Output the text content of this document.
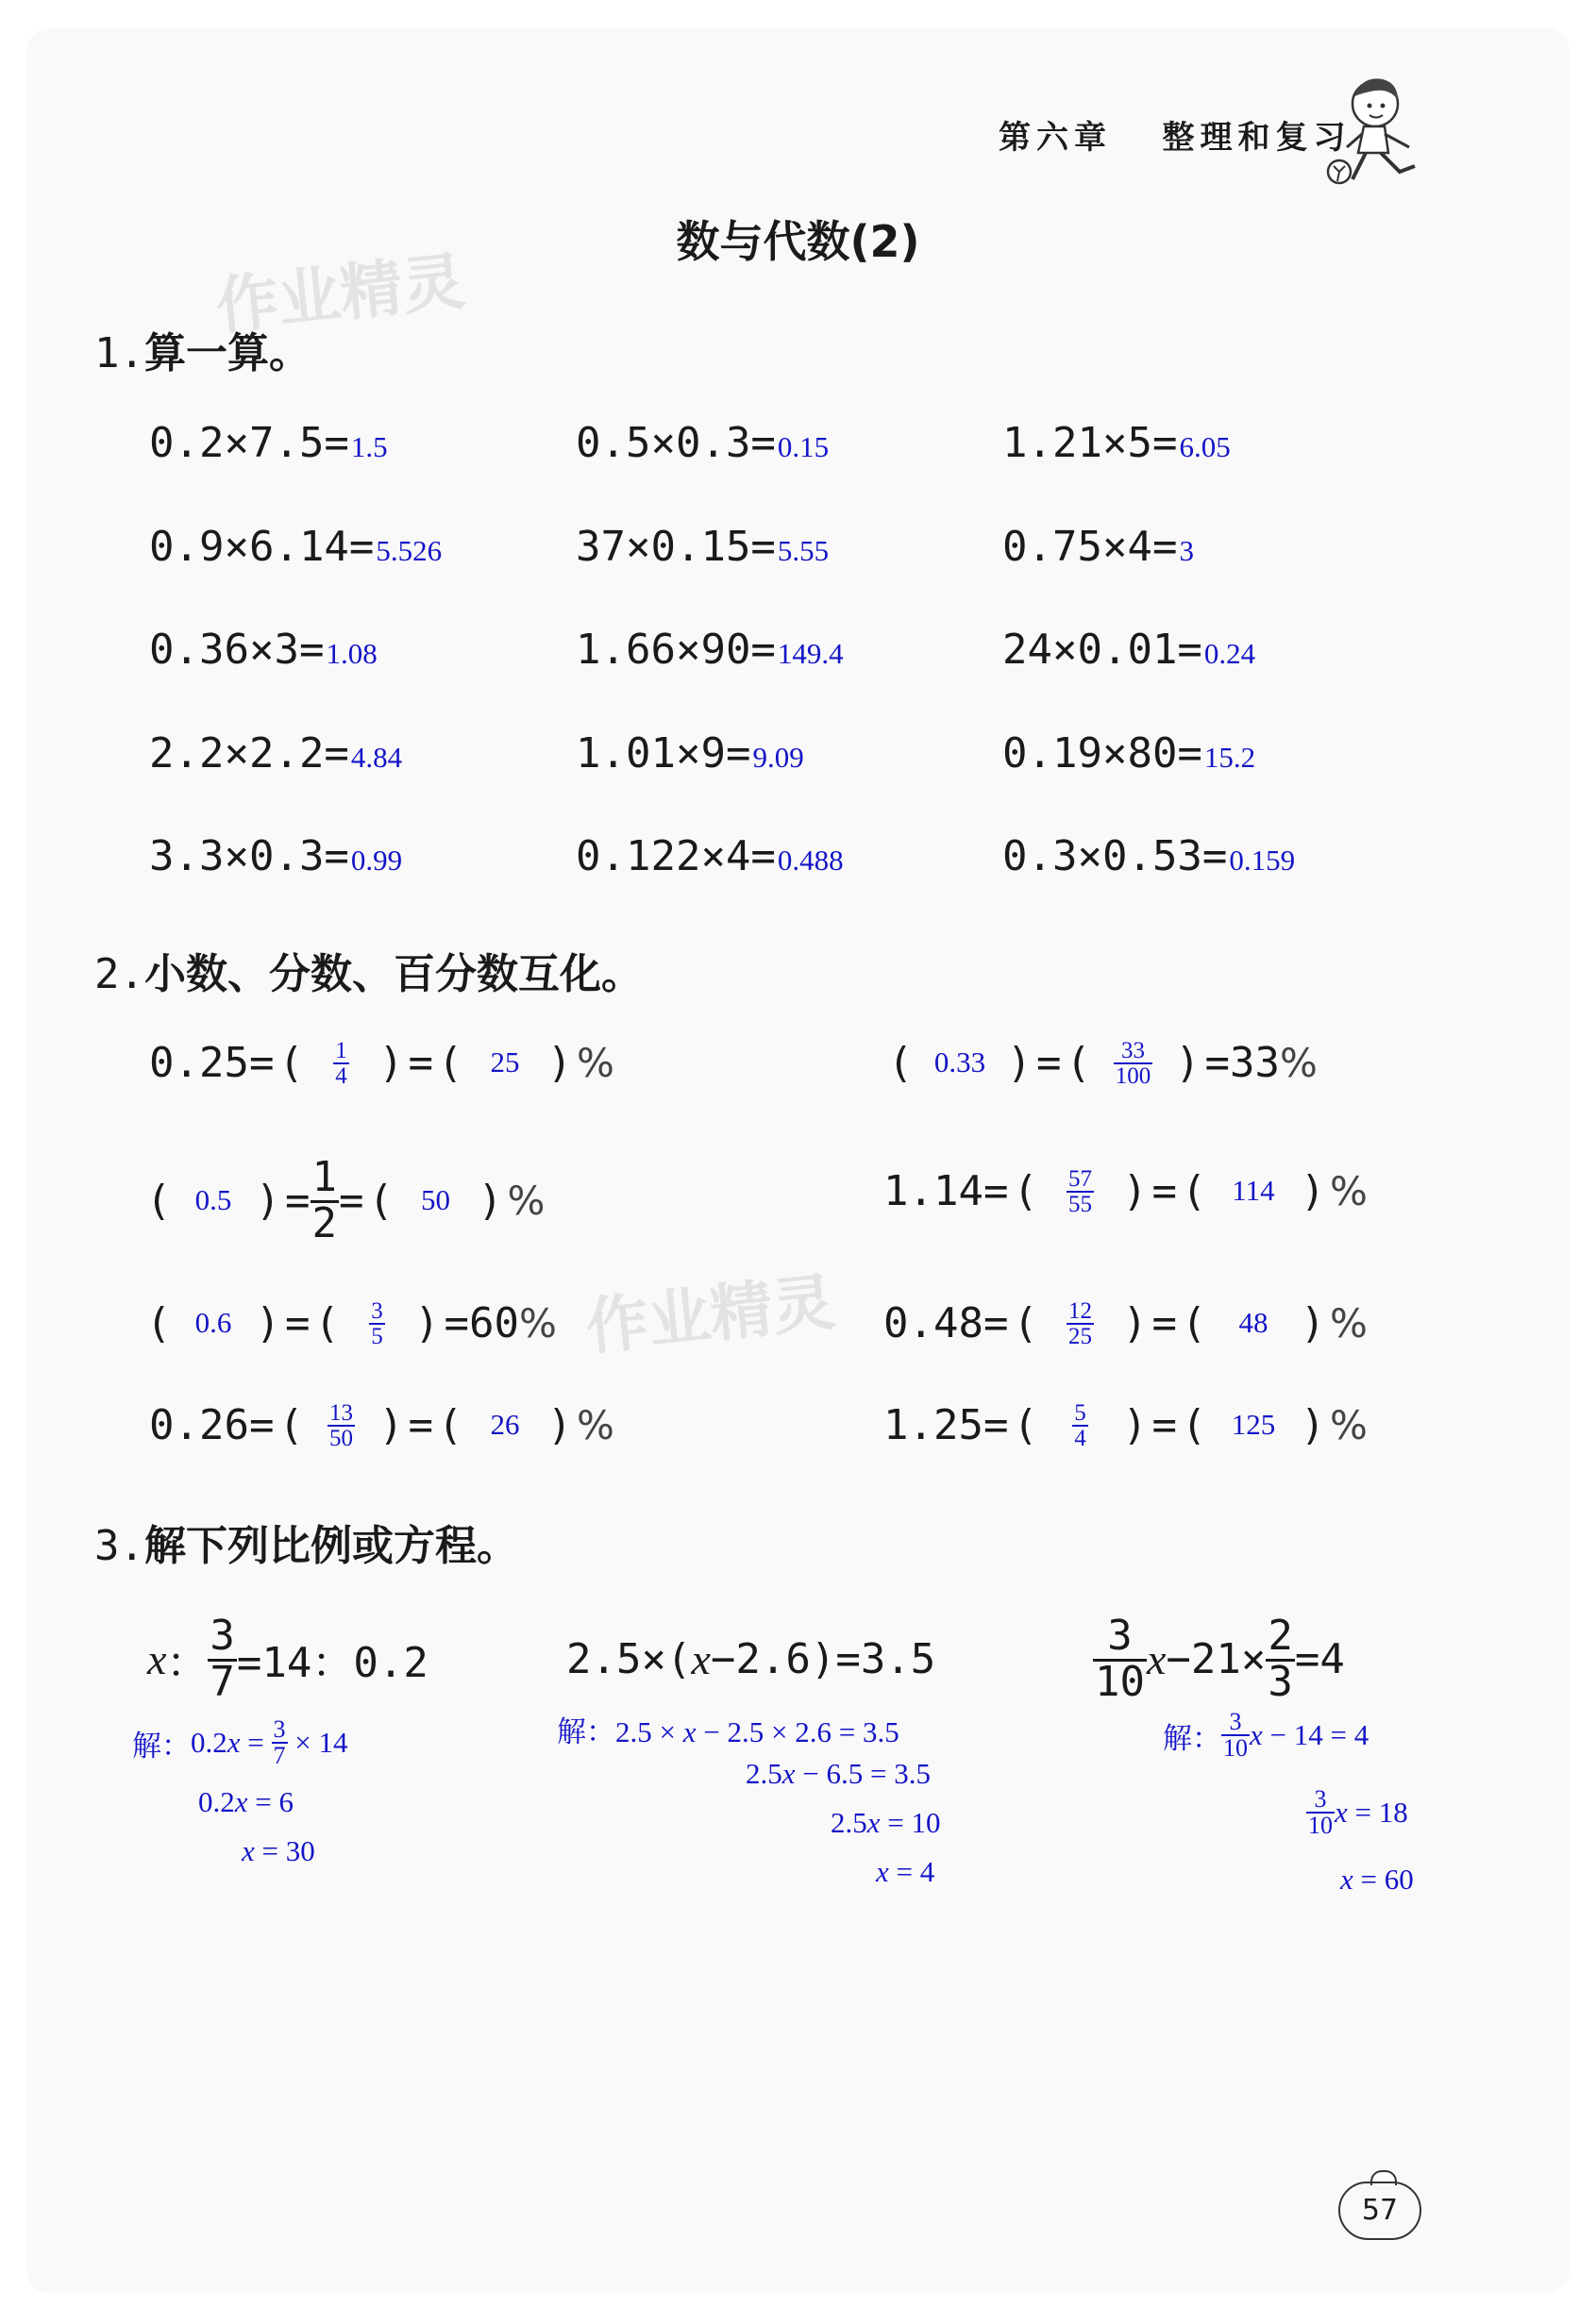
第六章   整理和复习
数与代数(2)
作业精灵
作业精灵
1.算一算。
0.2×7.5=1.5	0.5×0.3=0.15	1.21×5=6.05
0.9×6.14=5.526	37×0.15=5.55	0.75×4=3
0.36×3=1.08	1.66×90=149.4	24×0.01=0.24
2.2×2.2=4.84	1.01×9=9.09	0.19×80=15.2
3.3×0.3=0.99	0.122×4=0.488	0.3×0.53=0.159
2.小数、分数、百分数互化。
0.25 = ( $\frac{1}{4}$ ) = ( 25 ) %	( 0.33 ) = ( $\frac{33}{100}$ ) = 33 %
( 0.5 ) = $\frac{1}{2}$ = ( 50 ) %	1.14 = ( $\frac{57}{55}$ ) = ( 114 ) %
( 0.6 ) = ( $\frac{3}{5}$ ) = 60 %	0.48 = ( $\frac{12}{25}$ ) = (	48 ) %
0.26 = ( $\frac{13}{50}$ ) = ( 26 ) %	1.25 = ( $\frac{5}{4}$ ) = ( 125 ) %
3.解下列比例或方程。
x ： $\frac{3}{7} =14$：0.2
解： 0.2 $x = \frac{3}{7} \times 14$
0.2x = 6
x = 30
2.5×( x −2.6)=3.5
解：2.5 × x − 2.5 × 2.6 = 3.5
2.5x − 6.5 = 3.5
2.5x = 10
x = 4
$\frac{3}{10}$ $x -21\times \frac{2}{3} =4$
解： $\frac{3}{10}$ x − 14 = 4
$\frac{3}{10}$ x = 18
x = 60
57
